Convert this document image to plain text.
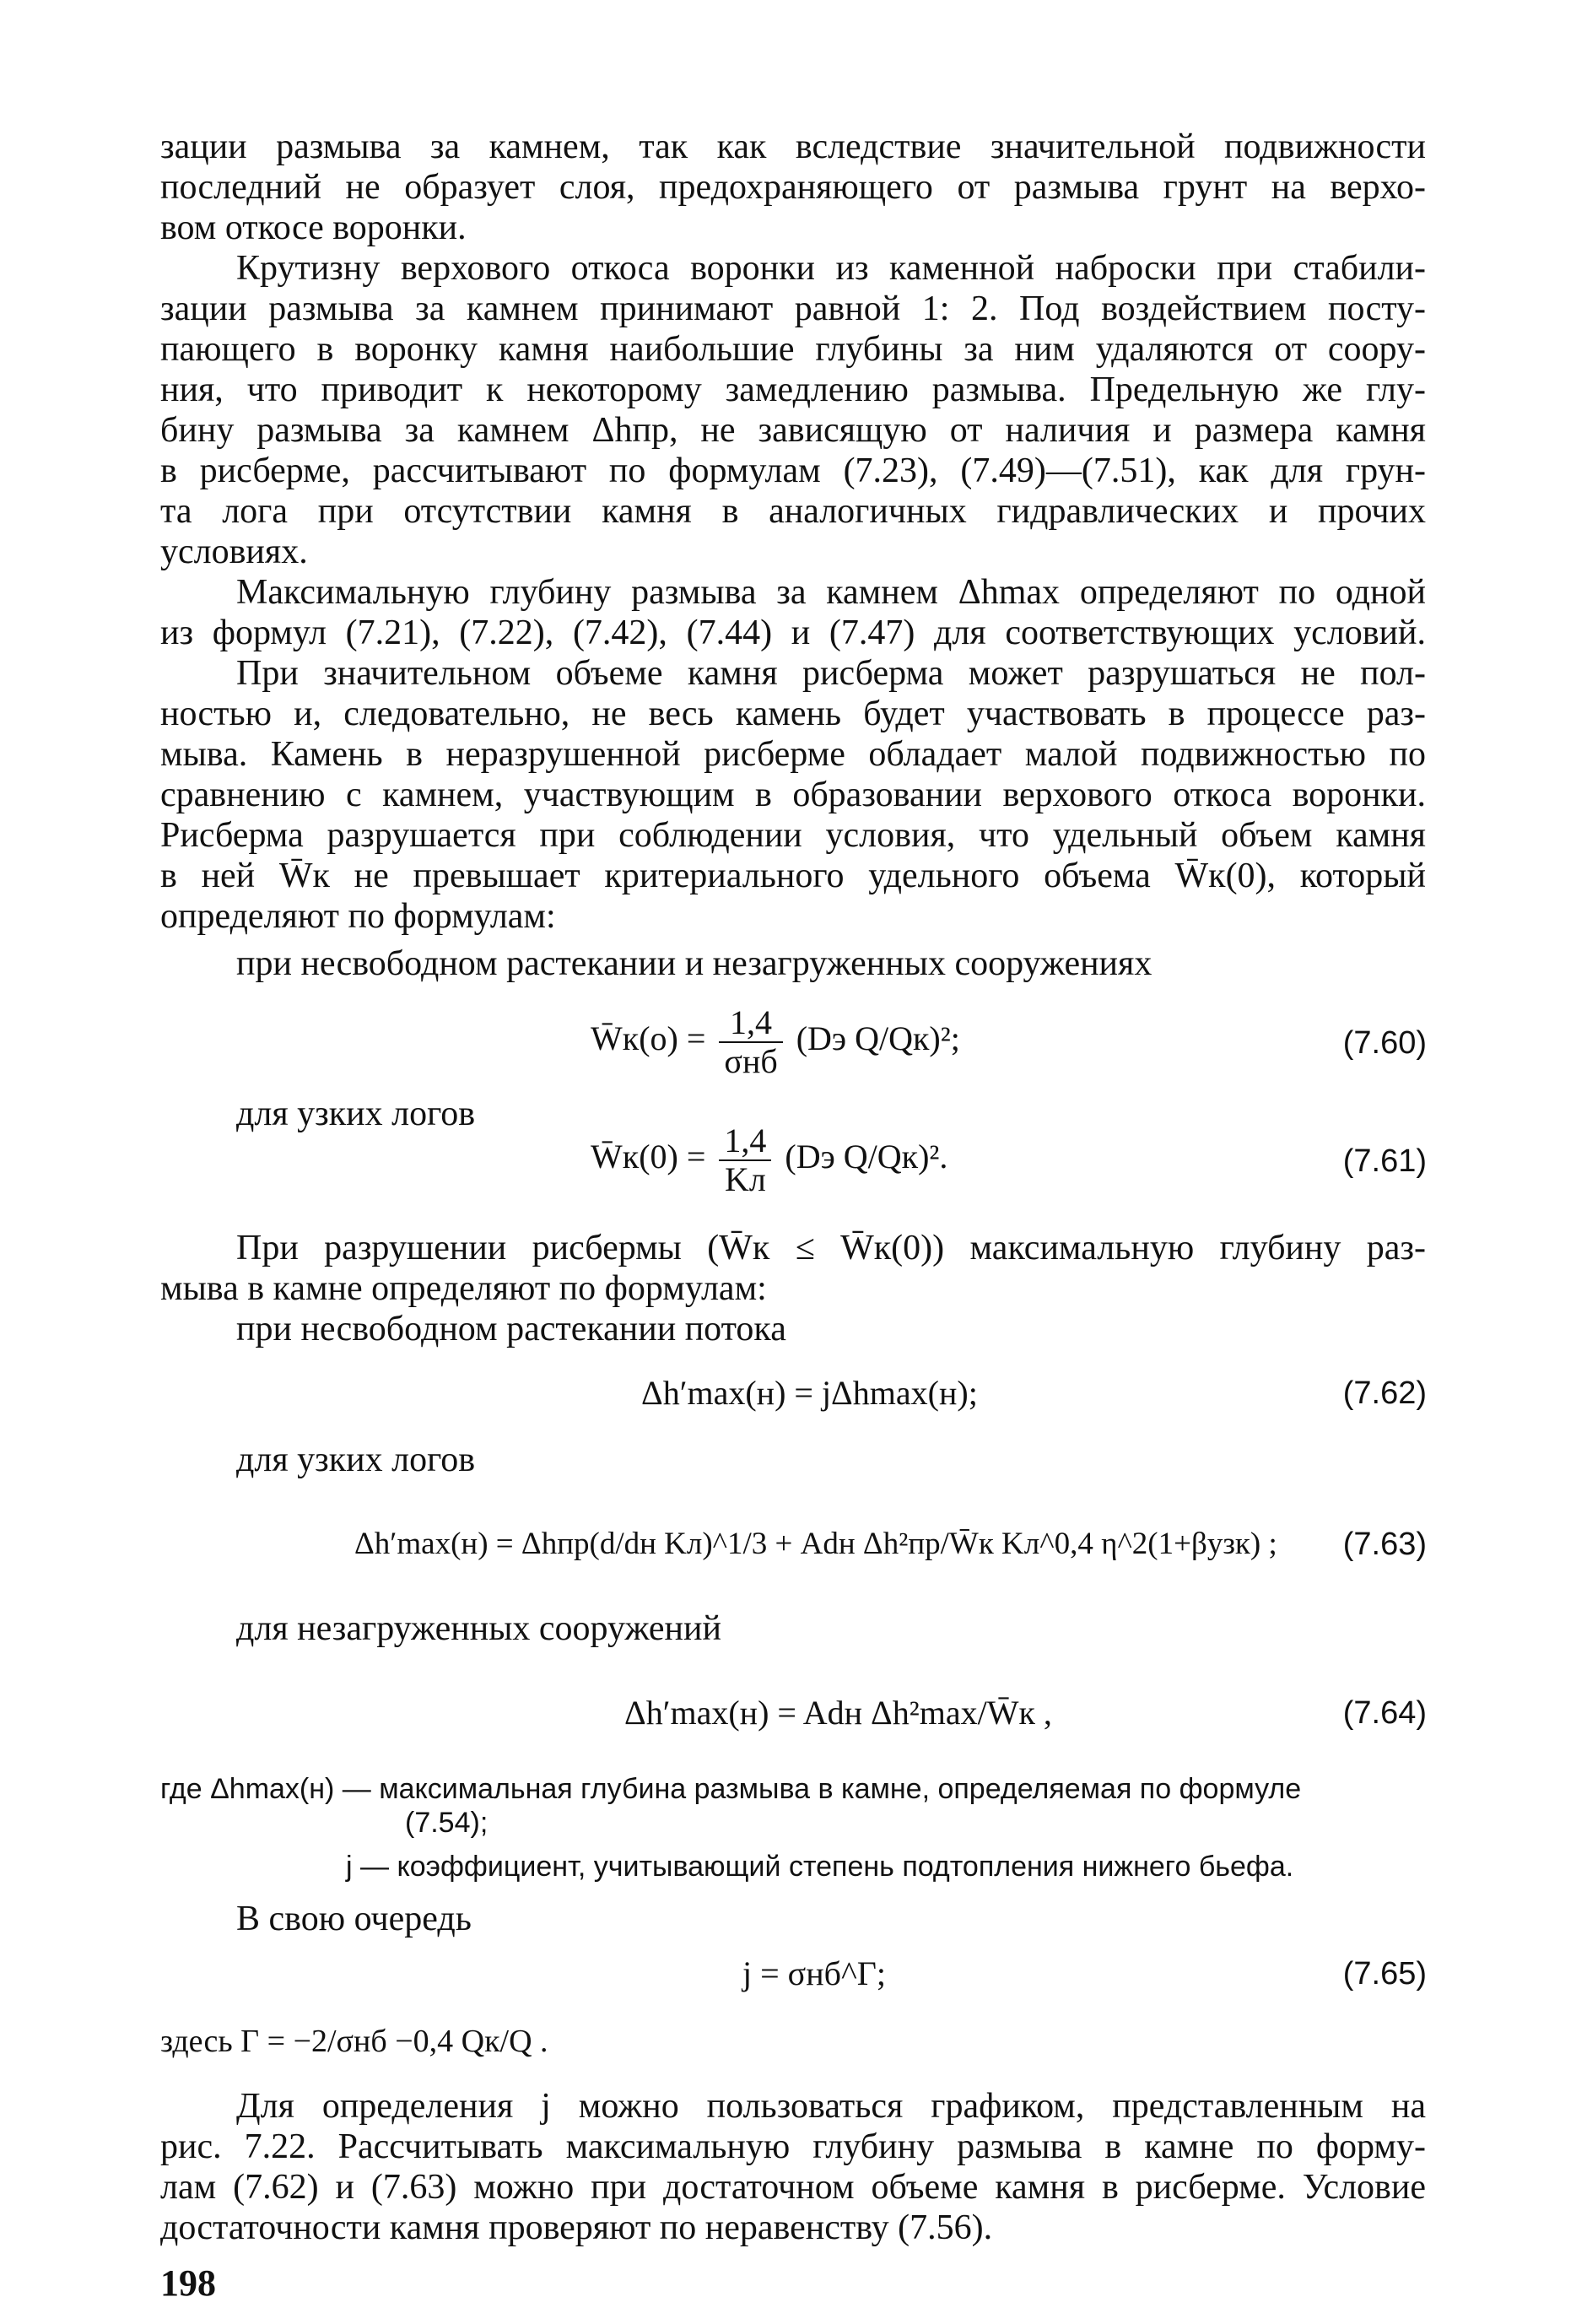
зации размыва за камнем, так как вследствие значительной подвижности
последний не образует слоя, предохраняющего от размыва грунт на верхо-
вом откосе воронки.
Крутизну верхового откоса воронки из каменной наброски при стабили-
зации размыва за камнем принимают равной 1: 2. Под воздействием посту-
пающего в воронку камня наибольшие глубины за ним удаляются от соору-
ния, что приводит к некоторому замедлению размыва. Предельную же глу-
бину размыва за камнем Δhпр, не зависящую от наличия и размера камня
в рисберме, рассчитывают по формулам (7.23), (7.49)—(7.51), как для грун-
та лога при отсутствии камня в аналогичных гидравлических и прочих
условиях.
Максимальную глубину размыва за камнем Δhmax определяют по одной
из формул (7.21), (7.22), (7.42), (7.44) и (7.47) для соответствующих условий.
При значительном объеме камня рисберма может разрушаться не пол-
ностью и, следовательно, не весь камень будет участвовать в процессе раз-
мыва. Камень в неразрушенной рисберме обладает малой подвижностью по
сравнению с камнем, участвующим в образовании верхового откоса воронки.
Рисберма разрушается при соблюдении условия, что удельный объем камня
в ней W̄к не превышает критериального удельного объема W̄к(0), который
определяют по формулам:
при несвободном растекании и незагруженных сооружениях
W̄к(o) = $\frac{1,4}{\text{σнб}} (Dэ$ Q/Qк)²;	(7.60)
для узких логов
W̄к(0) = $\frac{1,4}{Kл} (Dэ$ Q/Qк)².	(7.61)
При разрушении рисбермы (W̄к ≤ W̄к(0)) максимальную глубину раз-
мыва в камне определяют по формулам:
при несвободном растекании потока
Δh′max(н) = jΔhmax(н);	(7.62)
для узких логов
Δh′max(н) = Δhпр(d/dн Kл)^1/3 + Adн Δh²пр/W̄к Kл^0,4 η^2(1+βузк) ; (7.63)
для незагруженных сооружений
Δh′max(н) = Adн Δh²max/W̄к ,	(7.64)
где Δhmax(н) — максимальная глубина размыва в камне, определяемая по формуле
(7.54);
j — коэффициент, учитывающий степень подтопления нижнего бьефа.
В свою очередь
j = σнб^Γ;	(7.65)
здесь Γ = −2/σнб −0,4 Qк/Q .
Для определения j можно пользоваться графиком, представленным на
рис. 7.22. Рассчитывать максимальную глубину размыва в камне по форму-
лам (7.62) и (7.63) можно при достаточном объеме камня в рисберме. Условие
достаточности камня проверяют по неравенству (7.56).
198
